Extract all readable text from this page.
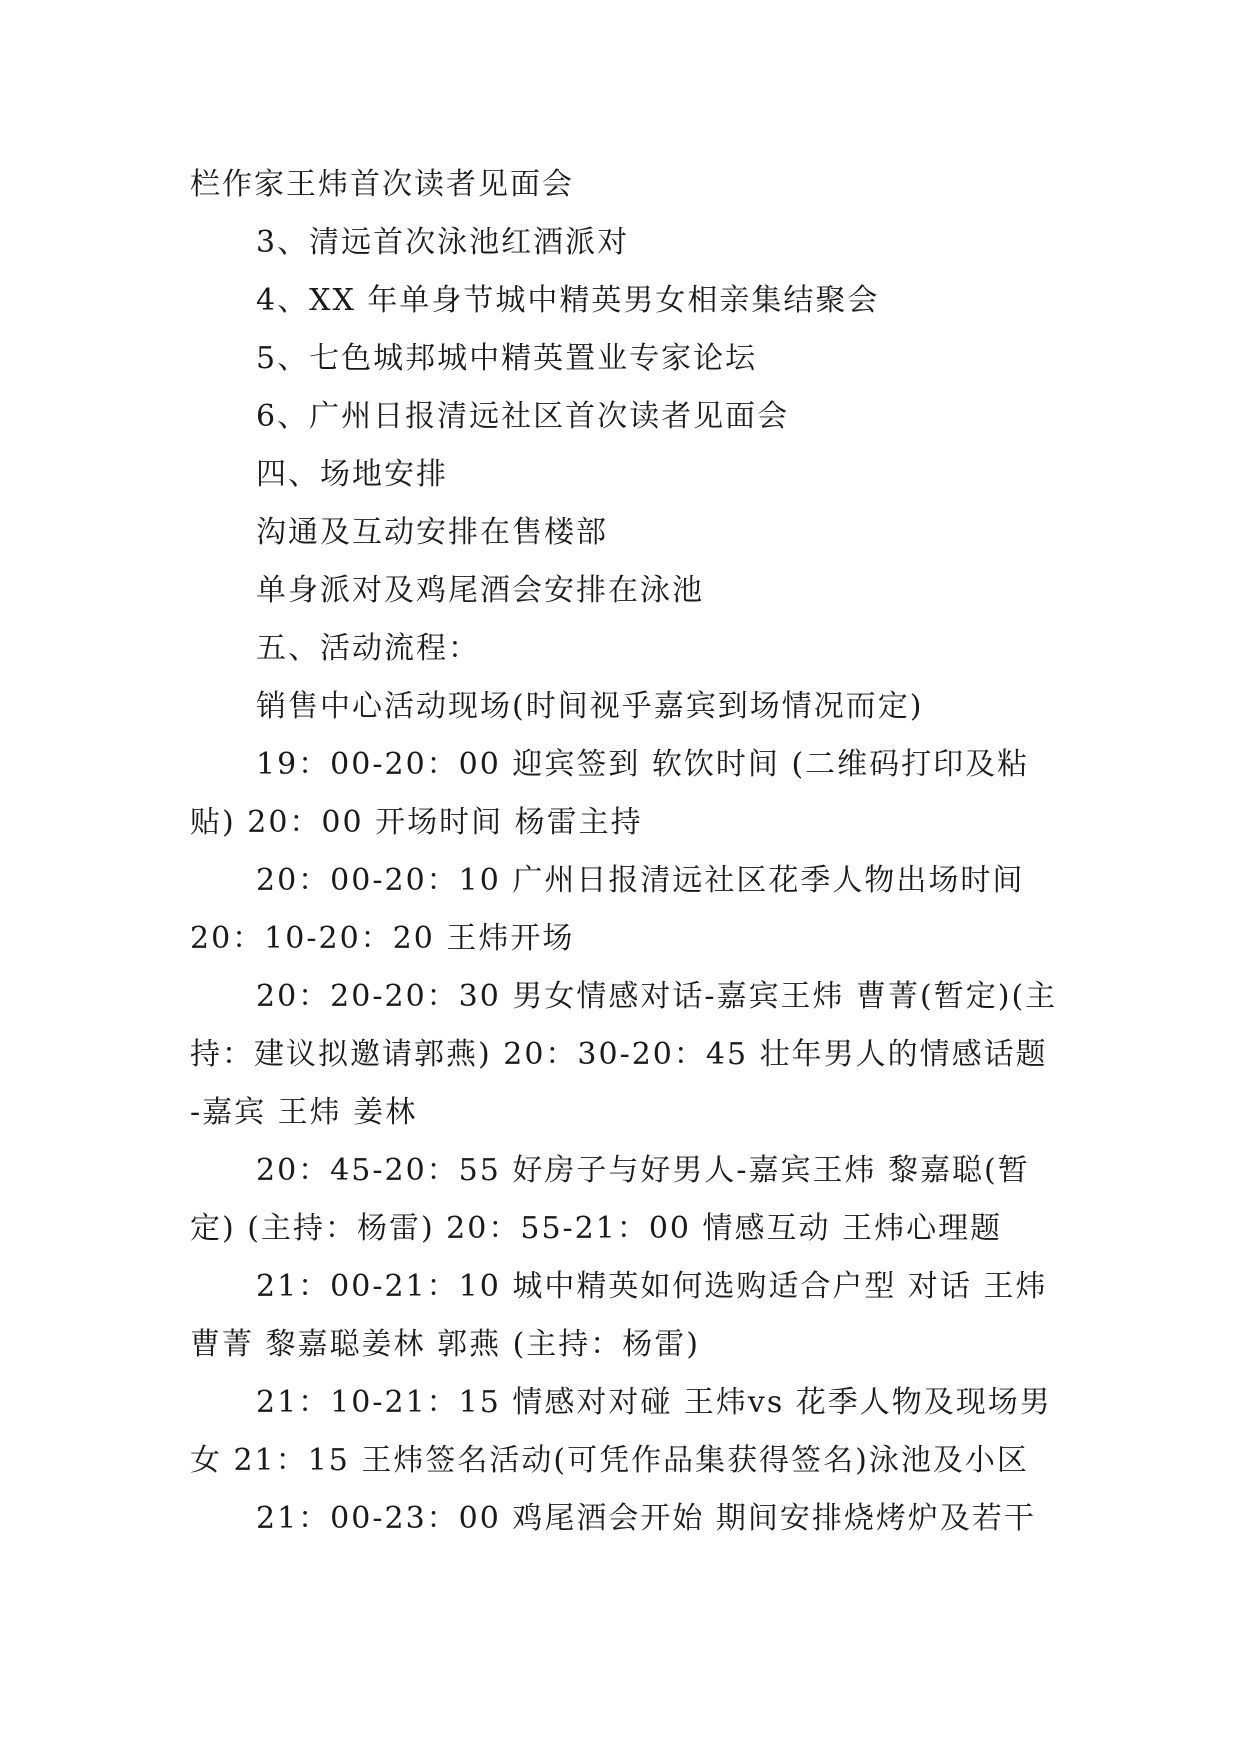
栏作家王炜首次读者见面会
3、清远首次泳池红酒派对
4、XX 年单身节城中精英男女相亲集结聚会
5、七色城邦城中精英置业专家论坛
6、广州日报清远社区首次读者见面会
四、场地安排
沟通及互动安排在售楼部
单身派对及鸡尾酒会安排在泳池
五、活动流程：
销售中心活动现场(时间视乎嘉宾到场情况而定)
19：00-20：00 迎宾签到 软饮时间 (二维码打印及粘
贴) 20：00 开场时间 杨雷主持
20：00-20：10 广州日报清远社区花季人物出场时间
20：10-20：20 王炜开场
20：20-20：30 男女情感对话-嘉宾王炜 曹菁(暂定)(主
持：建议拟邀请郭燕) 20：30-20：45 壮年男人的情感话题
-嘉宾 王炜 姜林
20：45-20：55 好房子与好男人-嘉宾王炜 黎嘉聪(暂
定) (主持：杨雷) 20：55-21：00 情感互动 王炜心理题
21：00-21：10 城中精英如何选购适合户型 对话 王炜
曹菁 黎嘉聪姜林 郭燕 (主持：杨雷)
21：10-21：15 情感对对碰 王炜vs 花季人物及现场男
女 21：15 王炜签名活动(可凭作品集获得签名)泳池及小区
21：00-23：00 鸡尾酒会开始 期间安排烧烤炉及若干
